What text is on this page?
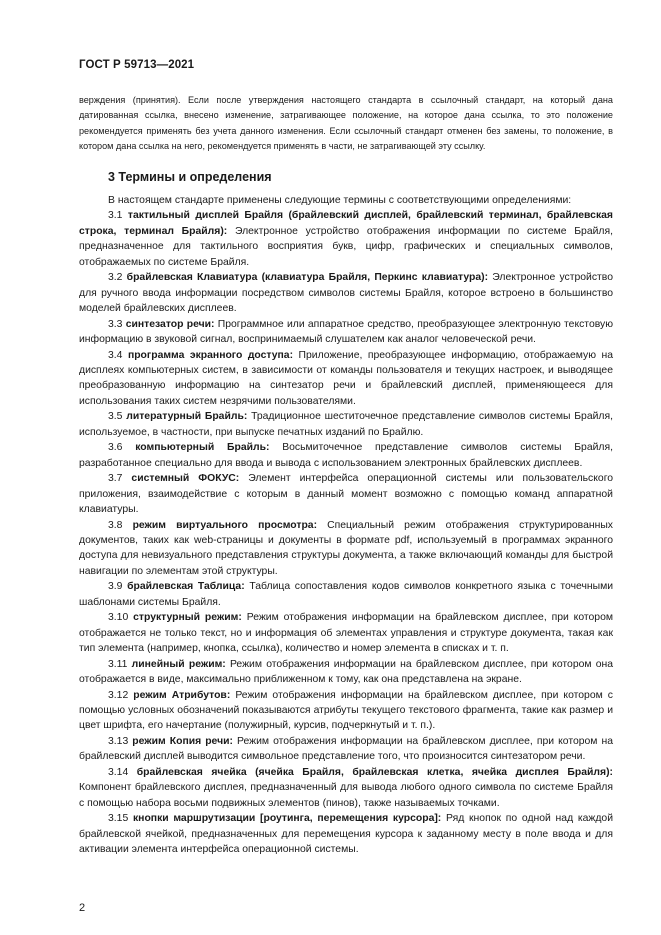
ГОСТ Р 59713—2021
верждения (принятия). Если после утверждения настоящего стандарта в ссылочный стандарт, на который дана датированная ссылка, внесено изменение, затрагивающее положение, на которое дана ссылка, то это положение рекомендуется применять без учета данного изменения. Если ссылочный стандарт отменен без замены, то положение, в котором дана ссылка на него, рекомендуется применять в части, не затрагивающей эту ссылку.
3 Термины и определения

В настоящем стандарте применены следующие термины с соответствующими определениями:

3.1 тактильный дисплей Брайля (брайлевский дисплей, брайлевский терминал, брайлевская строка, терминал Брайля): Электронное устройство отображения информации по системе Брайля, предназначенное для тактильного восприятия букв, цифр, графических и специальных символов, отображаемых по системе Брайля.

3.2 брайлевская Клавиатура (клавиатура Брайля, Перкинс клавиатура): Электронное устройство для ручного ввода информации посредством символов системы Брайля, которое встроено в большинство моделей брайлевских дисплеев.

3.3 синтезатор речи: Программное или аппаратное средство, преобразующее электронную текстовую информацию в звуковой сигнал, воспринимаемый слушателем как аналог человеческой речи.

3.4 программа экранного доступа: Приложение, преобразующее информацию, отображаемую на дисплеях компьютерных систем, в зависимости от команды пользователя и текущих настроек, и выводящее преобразованную информацию на синтезатор речи и брайлевский дисплей, применяющееся для использования таких систем незрячими пользователями.

3.5 литературный Брайль: Традиционное шеститочечное представление символов системы Брайля, используемое, в частности, при выпуске печатных изданий по Брайлю.

3.6 компьютерный Брайль: Восьмиточечное представление символов системы Брайля, разработанное специально для ввода и вывода с использованием электронных брайлевских дисплеев.

3.7 системный ФОКУС: Элемент интерфейса операционной системы или пользовательского приложения, взаимодействие с которым в данный момент возможно с помощью команд аппаратной клавиатуры.

3.8 режим виртуального просмотра: Специальный режим отображения структурированных документов, таких как web-страницы и документы в формате pdf, используемый в программах экранного доступа для невизуального представления структуры документа, а также включающий команды для быстрой навигации по элементам этой структуры.

3.9 брайлевская Таблица: Таблица сопоставления кодов символов конкретного языка с точечными шаблонами системы Брайля.

3.10 структурный режим: Режим отображения информации на брайлевском дисплее, при котором отображается не только текст, но и информация об элементах управления и структуре документа, такая как тип элемента (например, кнопка, ссылка), количество и номер элемента в списках и т. п.

3.11 линейный режим: Режим отображения информации на брайлевском дисплее, при котором она отображается в виде, максимально приближенном к тому, как она представлена на экране.

3.12 режим Атрибутов: Режим отображения информации на брайлевском дисплее, при котором с помощью условных обозначений показываются атрибуты текущего текстового фрагмента, такие как размер и цвет шрифта, его начертание (полужирный, курсив, подчеркнутый и т. п.).

3.13 режим Копия речи: Режим отображения информации на брайлевском дисплее, при котором на брайлевский дисплей выводится символьное представление того, что произносится синтезатором речи.

3.14 брайлевская ячейка (ячейка Брайля, брайлевская клетка, ячейка дисплея Брайля): Компонент брайлевского дисплея, предназначенный для вывода любого одного символа по системе Брайля с помощью набора восьми подвижных элементов (пинов), также называемых точками.

3.15 кнопки маршрутизации [роутинга, перемещения курсора]: Ряд кнопок по одной над каждой брайлевской ячейкой, предназначенных для перемещения курсора к заданному месту в поле ввода и для активации элемента интерфейса операционной системы.

2
